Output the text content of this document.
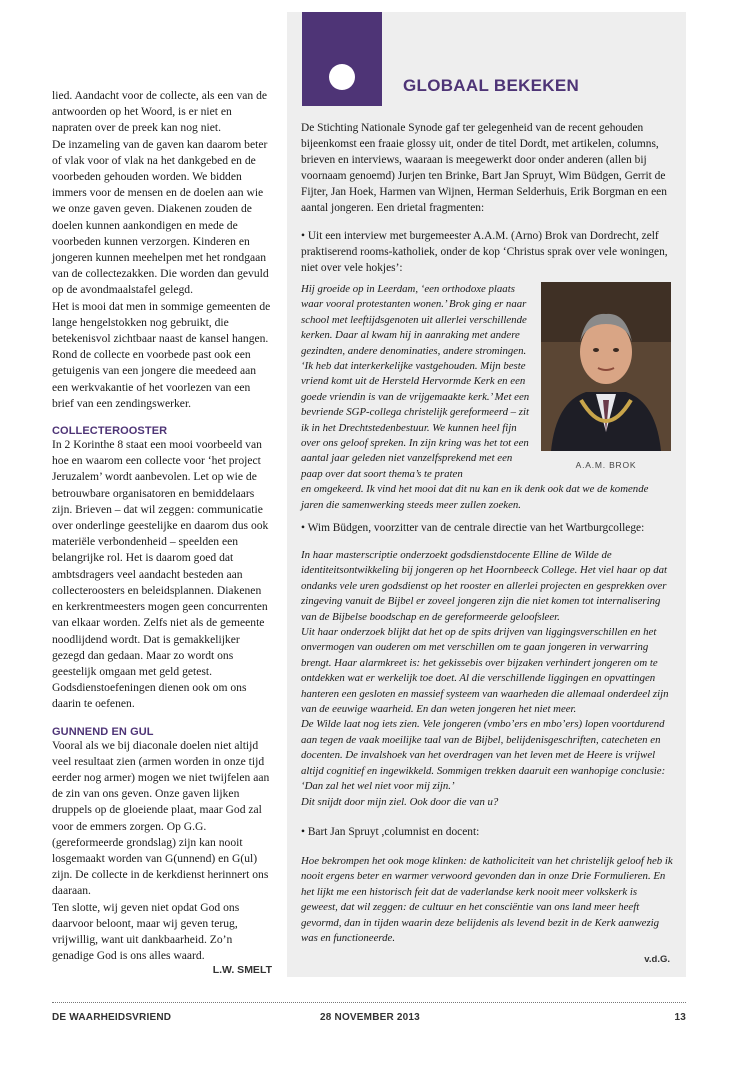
lied. Aandacht voor de collecte, als een van de antwoorden op het Woord, is er niet en napraten over de preek kan nog niet.

De inzameling van de gaven kan daarom beter of vlak voor of vlak na het dankgebed en de voorbeden gehouden worden. We bidden immers voor de mensen en de doelen aan wie we onze gaven geven. Diakenen zouden de doelen kunnen aankondigen en mede de voorbeden kunnen verzorgen. Kinderen en jongeren kunnen meehelpen met het rondgaan van de collectezakken. Die worden dan gevuld op de avondmaalstafel gelegd.

Het is mooi dat men in sommige gemeenten de lange hengelstokken nog gebruikt, die betekenisvol zichtbaar naast de kansel hangen. Rond de collecte en voorbede past ook een getuigenis van een jongere die meedeed aan een werkvakantie of het voorlezen van een brief van een zendingswerker.

COLLECTEROOSTER

In 2 Korinthe 8 staat een mooi voorbeeld van hoe en waarom een collecte voor ‘het project Jeruzalem’ wordt aanbevolen. Let op wie de betrouwbare organisatoren en bemiddelaars zijn. Brieven – dat wil zeggen: communicatie over onderlinge geestelijke en daarom dus ook materiële verbondenheid – speelden een belangrijke rol. Het is daarom goed dat ambtsdragers veel aandacht besteden aan collecteroosters en beleidsplannen. Diakenen en kerkrentmeesters mogen geen concurrenten van elkaar worden. Zelfs niet als de gemeente noodlijdend wordt. Dat is gemakkelijker gezegd dan gedaan. Maar zo wordt ons geestelijk omgaan met geld getest. Godsdienstoefeningen dienen ook om ons daarin te oefenen.

GUNNEND EN GUL

Vooral als we bij diaconale doelen niet altijd veel resultaat zien (armen worden in onze tijd eerder nog armer) mogen we niet twijfelen aan de zin van ons geven. Onze gaven lijken druppels op de gloeiende plaat, maar God zal voor de emmers zorgen. Op G.G. (gereformeerde grondslag) zijn kan nooit losgemaakt worden van G(unnend) en G(ul) zijn. De collecte in de kerkdienst herinnert ons daaraan.

Ten slotte, wij geven niet opdat God ons daarvoor beloont, maar wij geven terug, vrijwillig, want uit dankbaarheid. Zo’n genadige God is ons alles waard.

L.W. SMELT
GLOBAAL BEKEKEN

De Stichting Nationale Synode gaf ter gelegenheid van de recent gehouden bijeenkomst een fraaie glossy uit, onder de titel Dordt, met artikelen, columns, brieven en interviews, waaraan is meegewerkt door onder anderen (allen bij voornaam genoemd) Jurjen ten Brinke, Bart Jan Spruyt, Wim Büdgen, Gerrit de Fijter, Jan Hoek, Harmen van Wijnen, Herman Selderhuis, Erik Borgman en een aantal jongeren. Een drietal fragmenten:

• Uit een interview met burgemeester A.A.M. (Arno) Brok van Dordrecht, zelf praktiserend rooms-katholiek, onder de kop ‘Christus sprak over vele woningen, niet over vele hokjes’:

Hij groeide op in Leerdam, ‘een orthodoxe plaats waar vooral protestanten wonen.’ Brok ging er naar school met leeftijdsgenoten uit allerlei verschillende kerken. Daar al kwam hij in aanraking met andere gezindten, andere denominaties, andere stromingen. ‘Ik heb dat interkerkelijke vastgehouden. Mijn beste vriend komt uit de Hersteld Hervormde Kerk en een goede vriendin is van de vrijgemaakte kerk.’ Met een bevriende SGP-collega christelijk gereformeerd – zit ik in het Drechtstedenbestuur. We kunnen heel fijn over ons geloof spreken. In zijn kring was het tot een aantal jaar geleden niet vanzelfsprekend met een paap over dat soort thema’s te praten
en omgekeerd. Ik vind het mooi dat dit nu kan en ik denk ook dat we de komende jaren die samenwerking steeds meer zullen zoeken.
A.A.M. BROK

• Wim Büdgen, voorzitter van de centrale directie van het Wartburgcollege:

In haar masterscriptie onderzoekt godsdienstdocente Elline de Wilde de identiteitsontwikkeling bij jongeren op het Hoornbeeck College. Het viel haar op dat ondanks vele uren godsdienst op het rooster en allerlei projecten en gesprekken over zingeving vanuit de Bijbel er zoveel jongeren zijn die niet komen tot internalisering van de Bijbelse boodschap en de gereformeerde geloofsleer.

Uit haar onderzoek blijkt dat het op de spits drijven van liggingsverschillen en het onvermogen van ouderen om met verschillen om te gaan jongeren in verwarring brengt. Haar alarmkreet is: het gekissebis over bijzaken verhindert jongeren om te ontdekken wat er werkelijk toe doet. Al die verschillende liggingen en opvattingen hanteren een gesloten en massief systeem van waarheden die allemaal onderdeel zijn van de eeuwige waarheid. En dan weten jongeren het niet meer.

De Wilde laat nog iets zien. Vele jongeren (vmbo’ers en mbo’ers) lopen voortdurend aan tegen de vaak moeilijke taal van de Bijbel, belijdenisgeschriften, catecheten en docenten. De invalshoek van het overdragen van het leven met de Heere is vrijwel altijd cognitief en ingewikkeld. Sommigen trekken daaruit een wanhopige conclusie: ‘Dan zal het wel niet voor mij zijn.’

Dit snijdt door mijn ziel. Ook door die van u?

• Bart Jan Spruyt ,columnist en docent:

Hoe bekrompen het ook moge klinken: de katholiciteit van het christelijk geloof heb ik nooit ergens beter en warmer verwoord gevonden dan in onze Drie Formulieren. En het lijkt me een historisch feit dat de vaderlandse kerk nooit meer volkskerk is geweest, dat wil zeggen: de cultuur en het consciëntie van ons land meer heeft gevormd, dan in tijden waarin deze belijdenis als levend bezit in de Kerk aanwezig was en functioneerde.

v.d.G.
DE WAARHEIDSVRIEND	28 NOVEMBER 2013	13
